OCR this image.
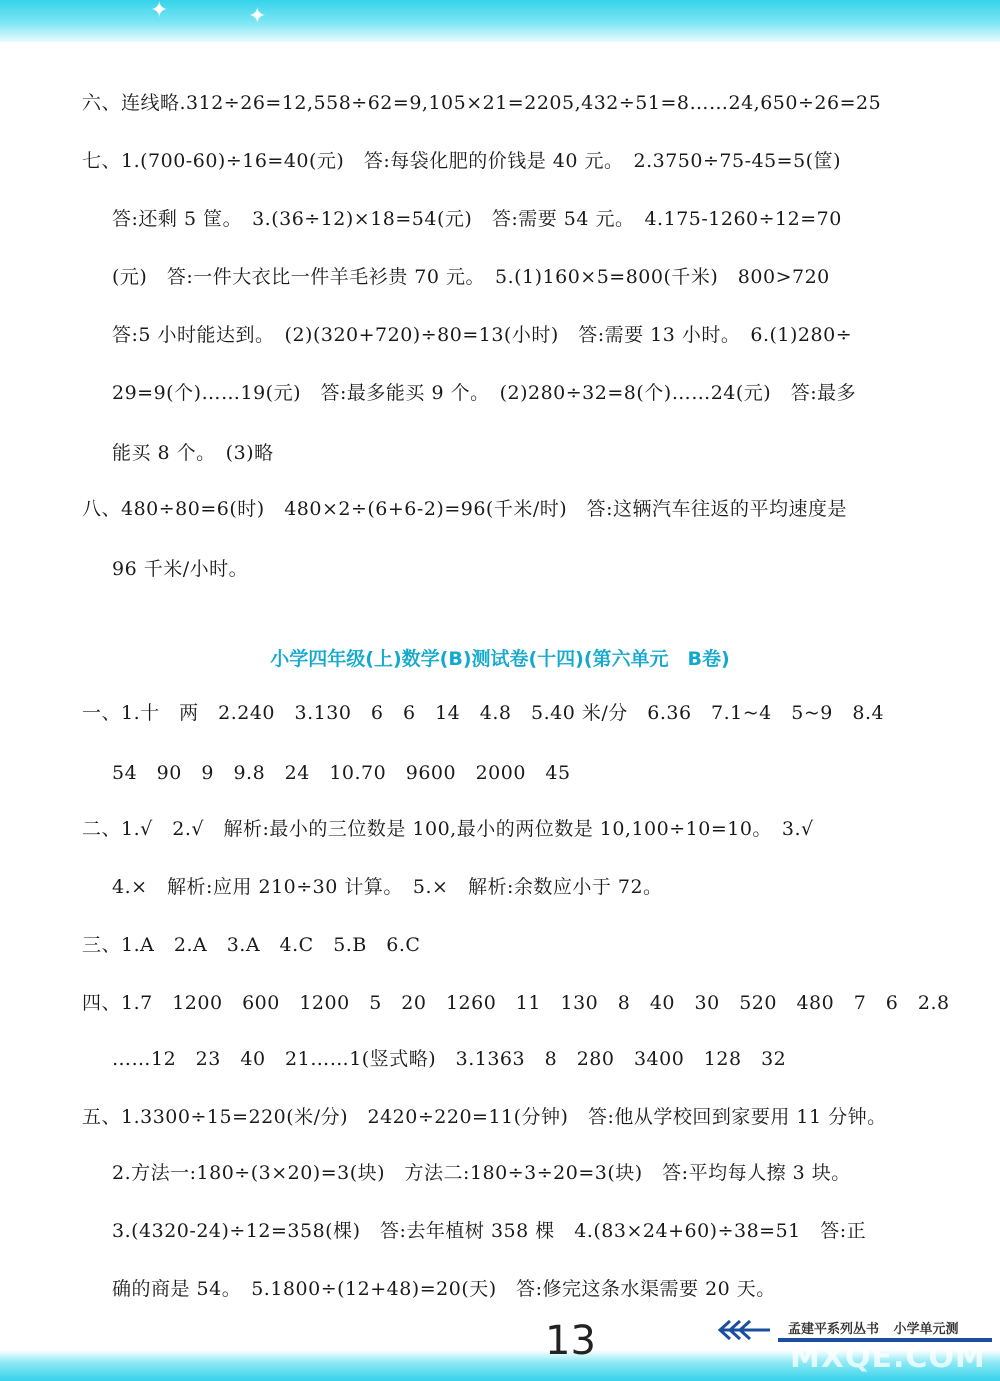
✦	✦
六、连线略.312÷26=12,558÷62=9,105×21=2205,432÷51=8……24,650÷26=25
七、1.(700-60)÷16=40(元)　答:每袋化肥的价钱是 40 元。　2.3750÷75-45=5(筐)
答:还剩 5 筐。　3.(36÷12)×18=54(元)　答:需要 54 元。　4.175-1260÷12=70
(元)　答:一件大衣比一件羊毛衫贵 70 元。　5.(1)160×5=800(千米)　800>720
答:5 小时能达到。　(2)(320+720)÷80=13(小时)　答:需要 13 小时。　6.(1)280÷
29=9(个)……19(元)　答:最多能买 9 个。　(2)280÷32=8(个)……24(元)　答:最多
能买 8 个。　(3)略
八、480÷80=6(时)　480×2÷(6+6-2)=96(千米/时)　答:这辆汽车往返的平均速度是
96 千米/小时。
小学四年级(上)数学(B)测试卷(十四)(第六单元　B卷)
一、1.十　两　2.240　3.130　6　6　14　4.8　5.40 米/分　6.36　7.1~4　5~9　8.4
54　90　9　9.8　24　10.70　9600　2000　45
二、1.√　2.√　解析:最小的三位数是 100,最小的两位数是 10,100÷10=10。　3.√
4.×　解析:应用 210÷30 计算。　5.×　解析:余数应小于 72。
三、1.A　2.A　3.A　4.C　5.B　6.C
四、1.7　1200　600　1200　5　20　1260　11　130　8　40　30　520　480　7　6　2.8
……12　23　40　21……1(竖式略)　3.1363　8　280　3400　128　32
五、1.3300÷15=220(米/分)　2420÷220=11(分钟)　答:他从学校回到家要用 11 分钟。
2.方法一:180÷(3×20)=3(块)　方法二:180÷3÷20=3(块)　答:平均每人擦 3 块。
3.(4320-24)÷12=358(棵)　答:去年植树 358 棵　4.(83×24+60)÷38=51　答:正
确的商是 54。　5.1800÷(12+48)=20(天)　答:修完这条水渠需要 20 天。
孟建平系列丛书 小学单元测
13	MXQE.COM
